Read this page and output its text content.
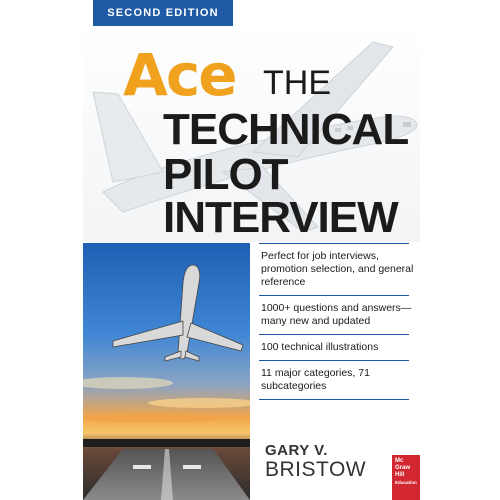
Ace THE
TECHNICAL
PILOT
INTERVIEW
Perfect for job interviews, promotion selection, and general reference
1000+ questions and answers—many new and updated
100 technical illustrations
11 major categories, 71 subcategories
GARY V.
BRISTOW	Mc
Graw
Hill
Education
SECOND EDITION
